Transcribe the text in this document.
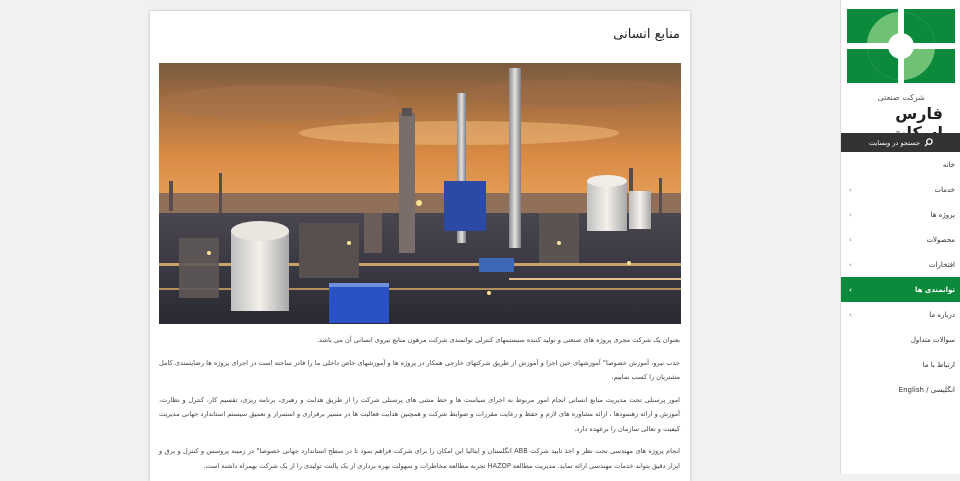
منابع انسانی

بعنوان یک شرکت مجری پروژه های صنعتی و تولید کننده سیستمهای کنترلی توانمندی شرکت مرهون منابع نیروی انسانی آن می باشد.

جذب نیرو، آموزش خصوصا" آموزشهای حین اجرا و آموزش از طریق شرکتهای خارجی همکار در پروژه ها و آموزشهای خاص داخلی ما را قادر ساخته است در اجرای پروژه ها رضایتمندی کامل مشتریان را کسب نماییم.

امور پرسنلی تحت مدیریت منابع انسانی انجام امور مربوط به اجرای سیاست ها و خط مشی های پرسنلی شرکت را از طریق هدایت و رهبری، برنامه ریزی، تقسیم کار، کنترل و نظارت، آموزش و ارائه رهنمودها ، ارائه مشاوره های لازم و حفظ و رعایت مقررات و ضوابط شرکت و همچنین هدایت فعالیت ها در مسیر برقراری و استمرار و تعمیق سیستم استاندارد جهانی مدیریت کیفیت و تعالی سازمان را برعهده دارد.

انجام پروژه های مهندسی تحت نظر و اخذ تایید شرکت ABB انگلستان و ایتالیا این امکان را برای شرکت فراهم نمود تا در سطح استاندارد جهانی خصوصا" در زمینه پروسس و کنترل و برق و ابزار دقیق بتواند خدمات مهندسی ارائه نماید. مدیریت مطالعه HAZOP تجربه مطالعه مخاطرات و سهولت بهره برداری از یک پالنت تولیدی را از یک شرکت بهمراه داشته است.

شرکت صنعتی

فارس

جستجو در وبسایت
خانه
خدمات
‹
پروژه ها
‹
محصولات
‹
افتخارات
‹
توانمندی ها
‹
درباره ما
‹
سوالات متداول
ارتباط با ما
انگلیسی / English
